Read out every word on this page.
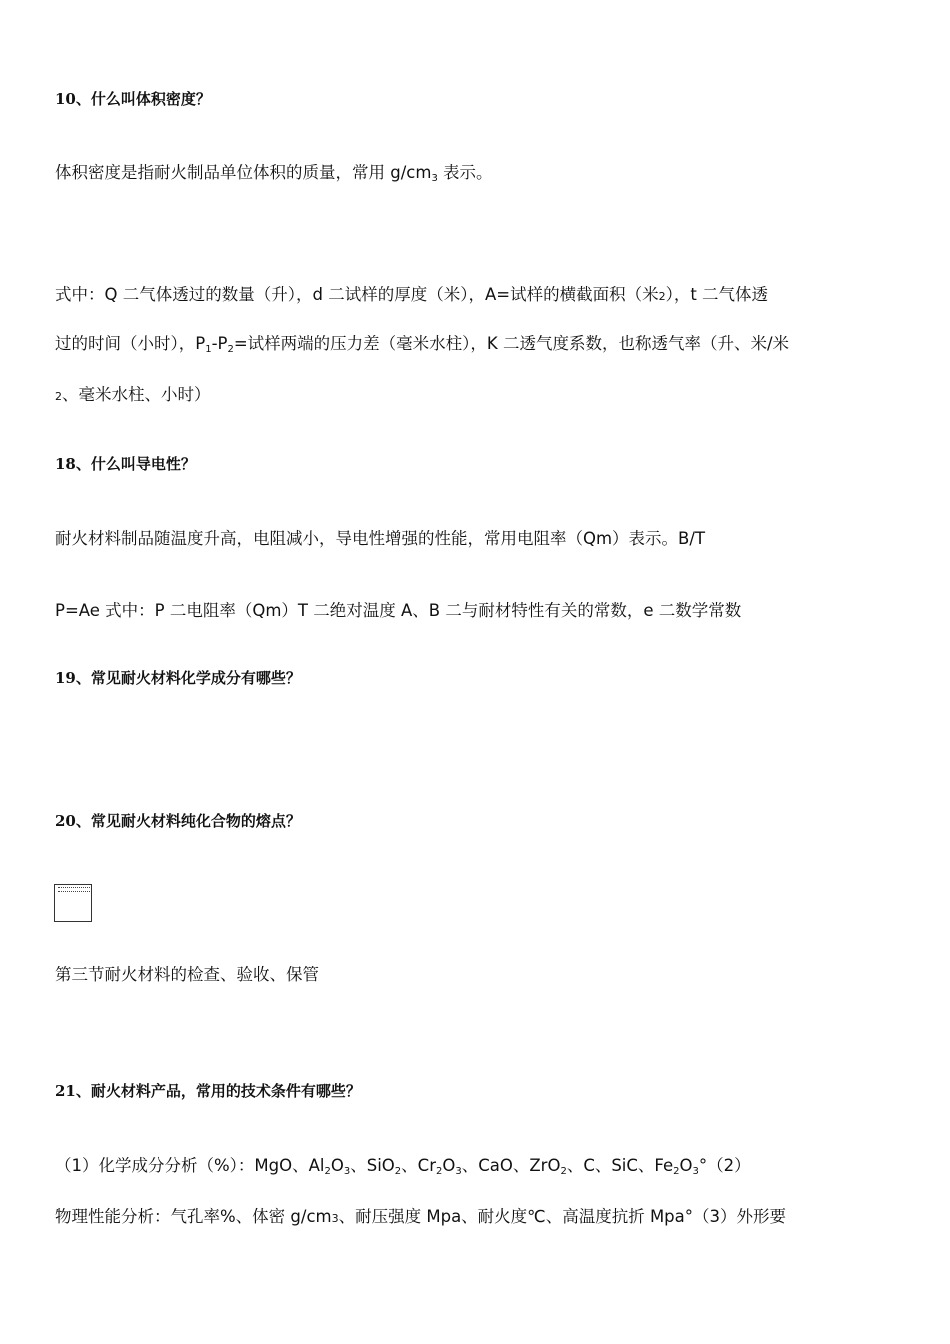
10、什么叫体积密度？
体积密度是指耐火制品单位体积的质量，常用 $g/cm_3$ 表示。
式中：Q 二气体透过的数量（升），d 二试样的厚度（米），A=试样的横截面积（米2），t 二气体透
过的时间（小时），$P_1-P_2=$试样两端的压力差（毫米水柱），K 二透气度系数，也称透气率（升、米/米
2、毫米水柱、小时）
18、什么叫导电性？
耐火材料制品随温度升高，电阻减小，导电性增强的性能，常用电阻率（Qm）表示。B/T
P=Ae 式中：P 二电阻率（Qm）T 二绝对温度 A、B 二与耐材特性有关的常数，e 二数学常数
19、常见耐火材料化学成分有哪些？
20、常见耐火材料纯化合物的熔点？
第三节耐火材料的检查、验收、保管
21、耐火材料产品，常用的技术条件有哪些？
（1）化学成分分析（%）：MgO、$Al_2O_3$、SiO$_2$、$Cr_2O_3$、CaO、ZrO$_2$、C、SiC、$Fe_2O_3^\circ(2)$
物理性能分析：气孔率%、体密 g/cm3、耐压强度 Mpa、耐火度℃、高温度抗折 Mpa°（3）外形要
